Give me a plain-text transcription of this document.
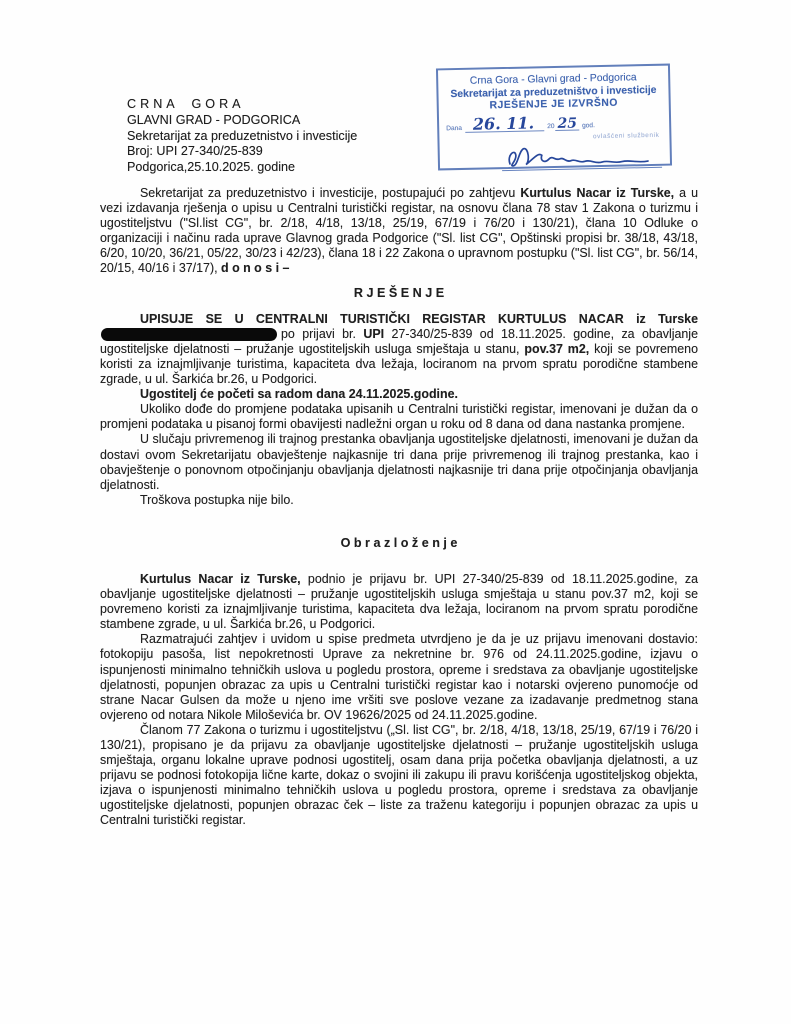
CRNA GORA
GLAVNI GRAD - PODGORICA
Sekretarijat za preduzetnistvo i investicije
Broj: UPI 27-340/25-839
Podgorica,25.10.2025. godine
Crna Gora - Glavni grad - Podgorica
Sekretarijat za preduzetništvo i investicije
RJEŠENJE JE IZVRŠNO
Dana 26. 11.	20 25 god.
ovlašćeni službenik

Sekretarijat za preduzetnistvo i investicije, postupajući po zahtjevu Kurtulus Nacar iz Turske, a u vezi izdavanja rješenja o upisu u Centralni turistički registar, na osnovu člana 78 stav 1 Zakona o turizmu i ugostiteljstvu ("Sl.list CG", br. 2/18, 4/18, 13/18, 25/19, 67/19 i 76/20 i 130/21), člana 10 Odluke o organizaciji i načinu rada uprave Glavnog grada Podgorice ("Sl. list CG", Opštinski propisi br. 38/18, 43/18, 6/20, 10/20, 36/21, 05/22, 30/23 i 42/23), člana 18 i 22 Zakona o upravnom postupku ("Sl. list CG", br. 56/14, 20/15, 40/16 i 37/17), d o n o s i –

R J E Š E N J E

UPISUJE SE U CENTRALNI TURISTIČKI REGISTAR KURTULUS NACAR iz Turskepo prijavi br. UPI 27-340/25-839 od 18.11.2025. godine, za obavljanje ugostiteljske djelatnosti – pružanje ugostiteljskih usluga smještaja u stanu, pov.37 m2, koji se povremeno koristi za iznajmljivanje turistima, kapaciteta dva ležaja, lociranom na prvom spratu porodične stambene zgrade, u ul. Šarkića br.26, u Podgorici.

Ugostitelj će početi sa radom dana 24.11.2025.godine.

Ukoliko dođe do promjene podataka upisanih u Centralni turistički registar, imenovani je dužan da o promjeni podataka u pisanoj formi obavijesti nadležni organ u roku od 8 dana od dana nastanka promjene.

U slučaju privremenog ili trajnog prestanka obavljanja ugostiteljske djelatnosti, imenovani je dužan da dostavi ovom Sekretarijatu obavještenje najkasnije tri dana prije privremenog ili trajnog prestanka, kao i obavještenje o ponovnom otpočinjanju obavljanja djelatnosti najkasnije tri dana prije otpočinjanja obavljanja djelatnosti.

Troškova postupka nije bilo.

O b r a z l o ž e n j e

Kurtulus Nacar iz Turske, podnio je prijavu br. UPI 27-340/25-839 od 18.11.2025.godine, za obavljanje ugostiteljske djelatnosti – pružanje ugostiteljskih usluga smještaja u stanu pov.37 m2, koji se povremeno koristi za iznajmljivanje turistima, kapaciteta dva ležaja, lociranom na prvom spratu porodične stambene zgrade, u ul. Šarkića br.26, u Podgorici.

Razmatrajući zahtjev i uvidom u spise predmeta utvrdjeno je da je uz prijavu imenovani dostavio: fotokopiju pasoša, list nepokretnosti Uprave za nekretnine br. 976 od 24.11.2025.godine, izjavu o ispunjenosti minimalno tehničkih uslova u pogledu prostora, opreme i sredstava za obavljanje ugostiteljske djelatnosti, popunjen obrazac za upis u Centralni turistički registar kao i notarski ovjereno punomoćje od strane Nacar Gulsen da može u njeno ime vršiti sve poslove vezane za izadavanje predmetnog stana ovjereno od notara Nikole Miloševića br. OV 19626/2025 od 24.11.2025.godine.

Članom 77 Zakona o turizmu i ugostiteljstvu („Sl. list CG", br. 2/18, 4/18, 13/18, 25/19, 67/19 i 76/20 i 130/21), propisano je da prijavu za obavljanje ugostiteljske djelatnosti – pružanje ugostiteljskih usluga smještaja, organu lokalne uprave podnosi ugostitelj, osam dana prija početka obavljanja djelatnosti, a uz prijavu se podnosi fotokopija lične karte, dokaz o svojini ili zakupu ili pravu korišćenja ugostiteljskog objekta, izjava o ispunjenosti minimalno tehničkih uslova u pogledu prostora, opreme i sredstava za obavljanje ugostiteljske djelatnosti, popunjen obrazac ček – liste za traženu kategoriju i popunjen obrazac za upis u Centralni turistički registar.
